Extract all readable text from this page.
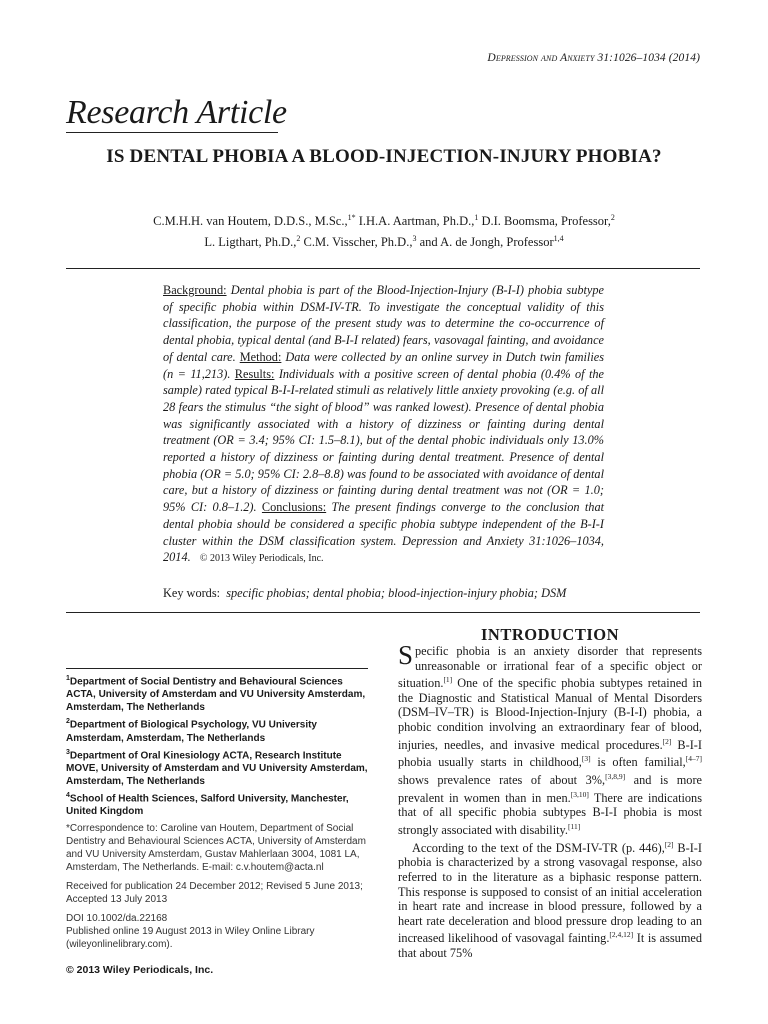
Depression and Anxiety 31:1026–1034 (2014)
Research Article
IS DENTAL PHOBIA A BLOOD-INJECTION-INJURY PHOBIA?
C.M.H.H. van Houtem, D.D.S., M.Sc.,$^{1*}$ I.H.A. Aartman, Ph.D.,$^1$ D.I. Boomsma, Professor,$^2$
L. Ligthart, Ph.D.,$^2$ C.M. Visscher, Ph.D.,$^3$ and A. de Jongh, Professor$^{1,4}$
Background: Dental phobia is part of the Blood-Injection-Injury (B-I-I) phobia subtype of specific phobia within DSM-IV-TR. To investigate the conceptual validity of this classification, the purpose of the present study was to determine the co-occurrence of dental phobia, typical dental (and B-I-I related) fears, vasovagal fainting, and avoidance of dental care. Method: Data were collected by an online survey in Dutch twin families (n = 11,213). Results: Individuals with a positive screen of dental phobia (0.4% of the sample) rated typical B-I-I-related stimuli as relatively little anxiety provoking (e.g. of all 28 fears the stimulus “the sight of blood” was ranked lowest). Presence of dental phobia was significantly associated with a history of dizziness or fainting during dental treatment (OR = 3.4; 95% CI: 1.5–8.1), but of the dental phobic individuals only 13.0% reported a history of dizziness or fainting during dental treatment. Presence of dental phobia (OR = 5.0; 95% CI: 2.8–8.8) was found to be associated with avoidance of dental care, but a history of dizziness or fainting during dental treatment was not (OR = 1.0; 95% CI: 0.8–1.2). Conclusions: The present findings converge to the conclusion that dental phobia should be considered a specific phobia subtype independent of the B-I-I cluster within the DSM classification system. Depression and Anxiety 31:1026–1034, 2014. © 2013 Wiley Periodicals, Inc.
Key words: specific phobias; dental phobia; blood-injection-injury phobia; DSM

$^1$Department of Social Dentistry and Behavioural Sciences ACTA, University of Amsterdam and VU University Amsterdam, Amsterdam, The Netherlands

$^2$Department of Biological Psychology, VU University Amsterdam, Amsterdam, The Netherlands

$^3$Department of Oral Kinesiology ACTA, Research Institute MOVE, University of Amsterdam and VU University Amsterdam, Amsterdam, The Netherlands

$^4$School of Health Sciences, Salford University, Manchester, United Kingdom

*Correspondence to: Caroline van Houtem, Department of Social Dentistry and Behavioural Sciences ACTA, University of Amsterdam and VU University Amsterdam, Gustav Mahlerlaan 3004, 1081 LA, Amsterdam, The Netherlands. E-mail: c.v.houtem@acta.nl

Received for publication 24 December 2012; Revised 5 June 2013; Accepted 13 July 2013

DOI 10.1002/da.22168
Published online 19 August 2013 in Wiley Online Library (wileyonlinelibrary.com).

© 2013 Wiley Periodicals, Inc.
INTRODUCTION

Specific phobia is an anxiety disorder that represents unreasonable or irrational fear of a specific object or situation.[1] One of the specific phobia subtypes retained in the Diagnostic and Statistical Manual of Mental Disorders (DSM–IV–TR) is Blood-Injection-Injury (B-I-I) phobia, a phobic condition involving an extraordinary fear of blood, injuries, needles, and invasive medical procedures.[2] B-I-I phobia usually starts in childhood,[3] is often familial,[4–7] shows prevalence rates of about 3%,[3,8,9] and is more prevalent in women than in men.[3,10] There are indications that of all specific phobia subtypes B-I-I phobia is most strongly associated with disability.[11]

According to the text of the DSM-IV-TR (p. 446),[2] B-I-I phobia is characterized by a strong vasovagal response, also referred to in the literature as a biphasic response pattern. This response is supposed to consist of an initial acceleration in heart rate and increase in blood pressure, followed by a heart rate deceleration and blood pressure drop leading to an increased likelihood of vasovagal fainting.[2,4,12] It is assumed that about 75%
